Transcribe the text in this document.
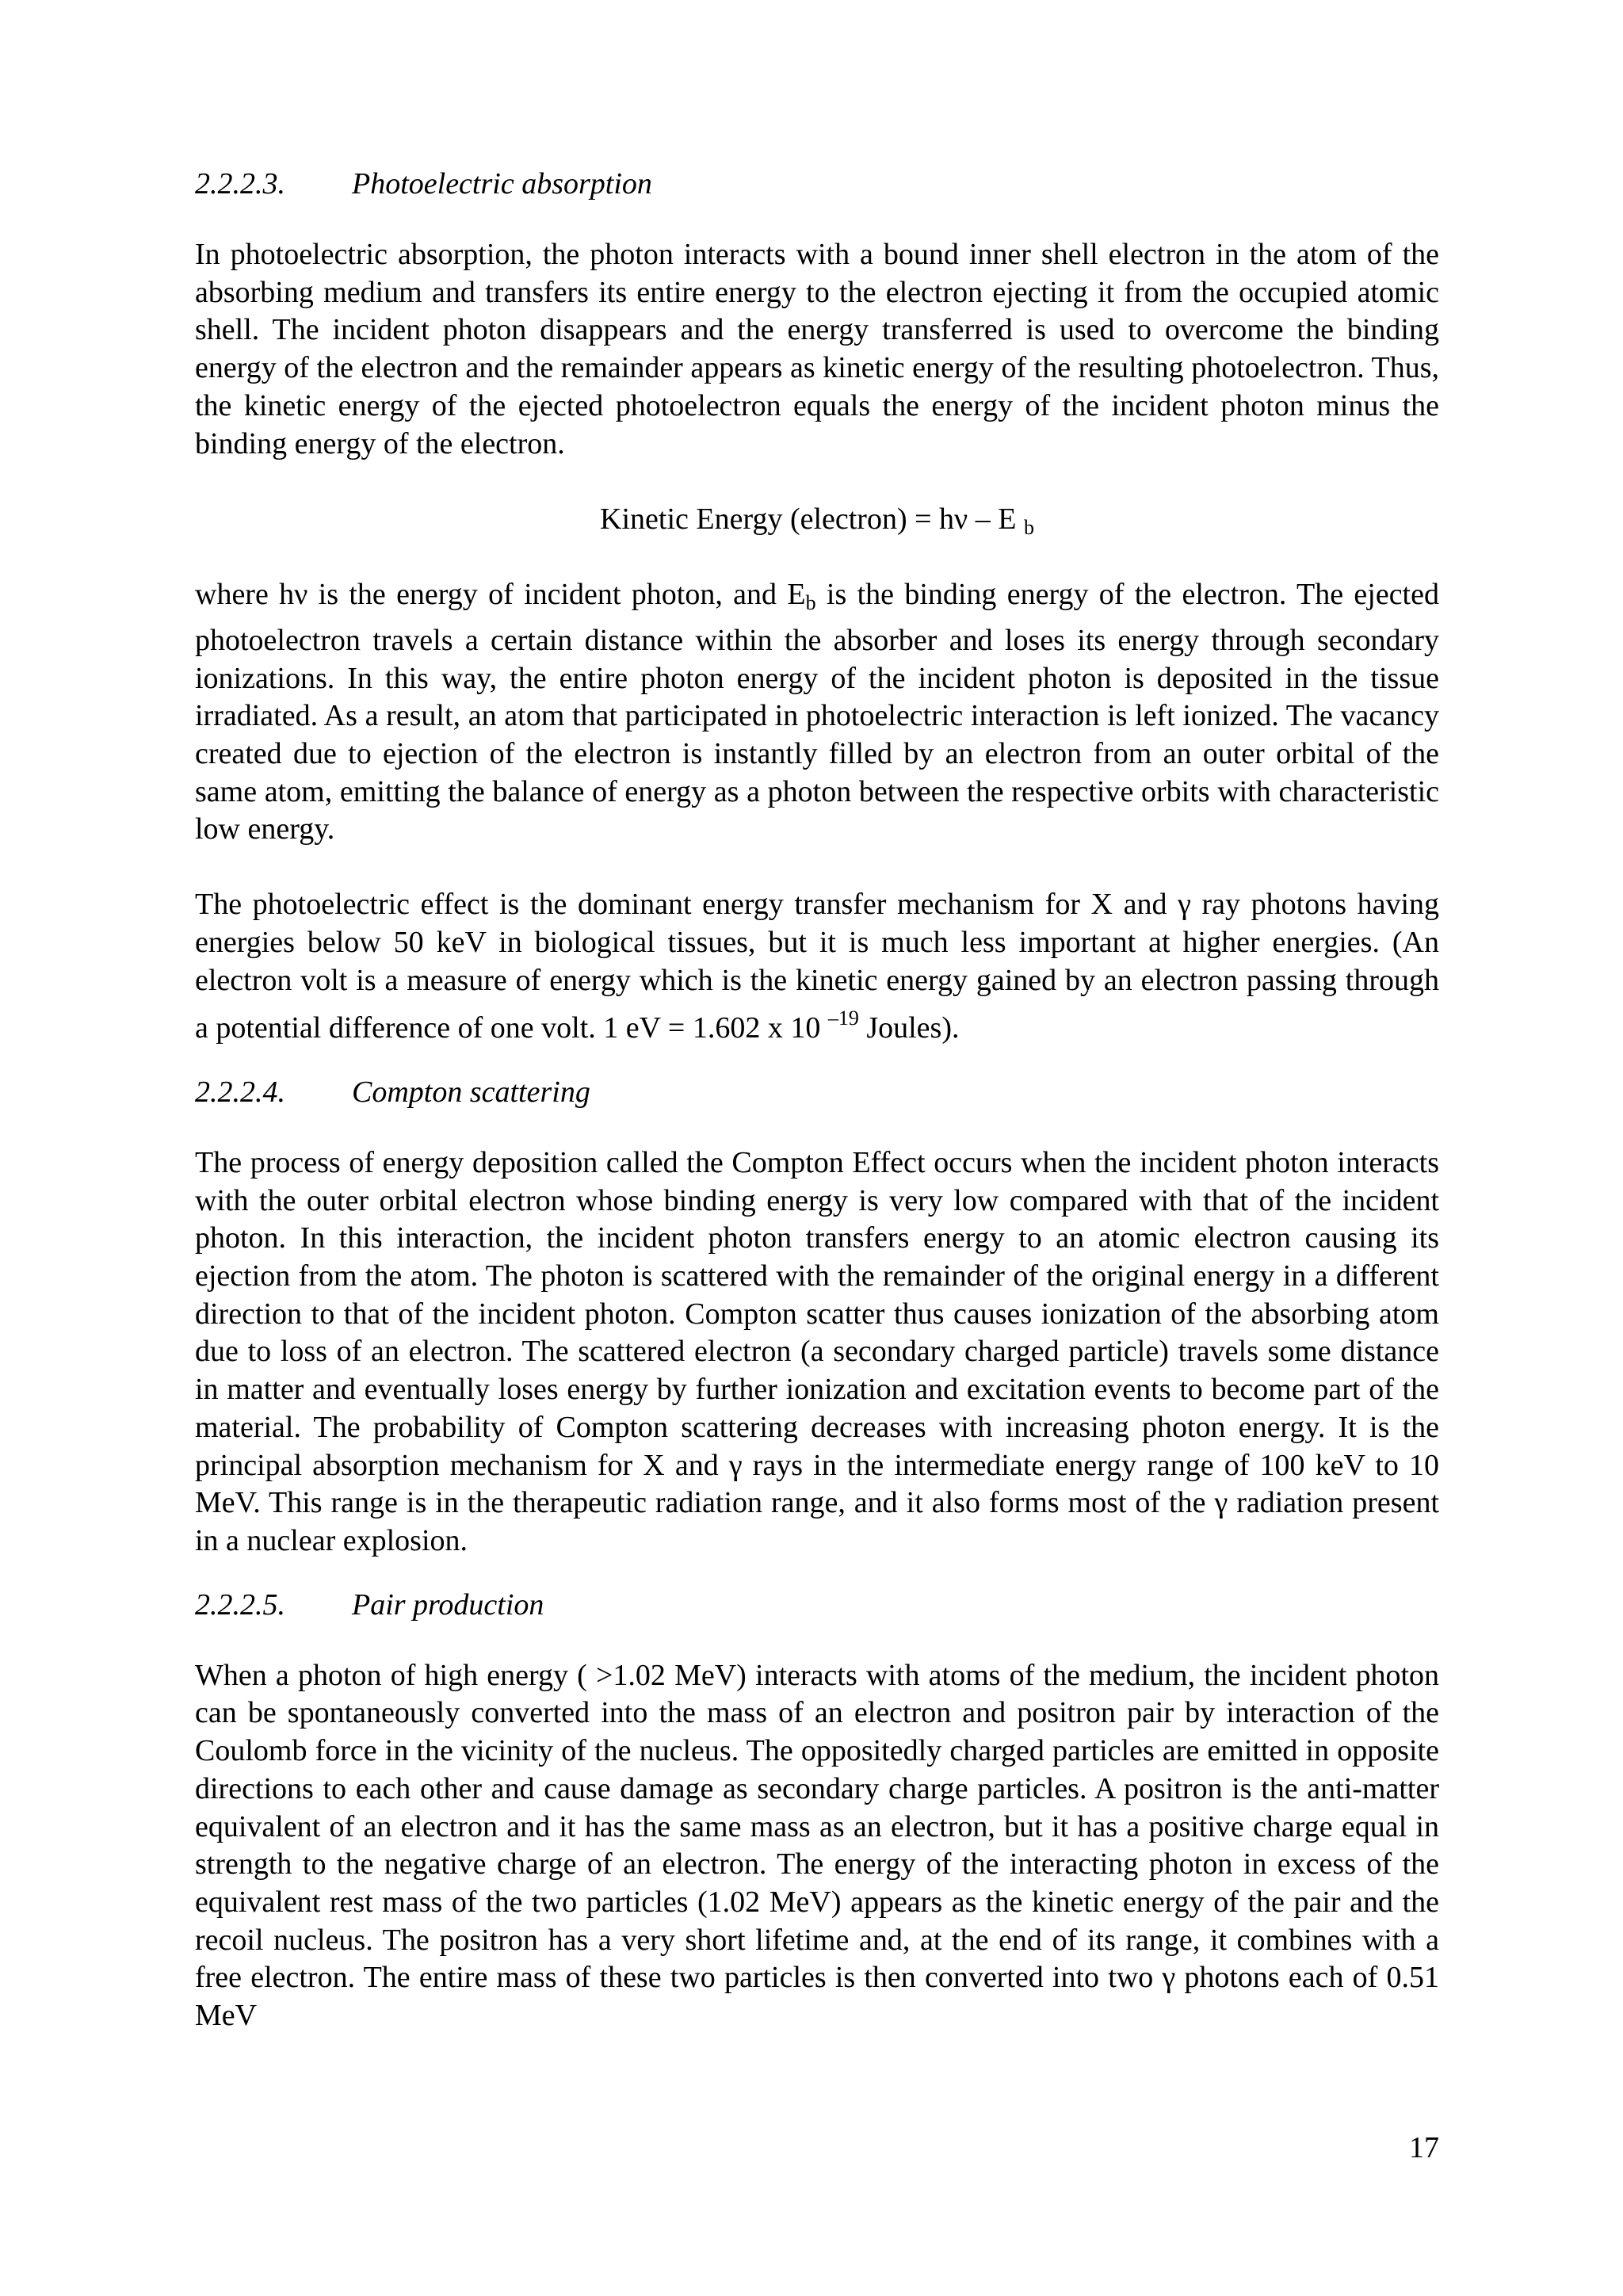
2.2.2.3. Photoelectric absorption

In photoelectric absorption, the photon interacts with a bound inner shell electron in the atom of the absorbing medium and transfers its entire energy to the electron ejecting it from the occupied atomic shell. The incident photon disappears and the energy transferred is used to overcome the binding energy of the electron and the remainder appears as kinetic energy of the resulting photoelectron. Thus, the kinetic energy of the ejected photoelectron equals the energy of the incident photon minus the binding energy of the electron.

Kinetic Energy (electron) = hν – E $_b$

where hν is the energy of incident photon, and $E_b$ is the binding energy of the electron. The ejected photoelectron travels a certain distance within the absorber and loses its energy through secondary ionizations. In this way, the entire photon energy of the incident photon is deposited in the tissue irradiated. As a result, an atom that participated in photoelectric interaction is left ionized. The vacancy created due to ejection of the electron is instantly filled by an electron from an outer orbital of the same atom, emitting the balance of energy as a photon between the respective orbits with characteristic low energy.

The photoelectric effect is the dominant energy transfer mechanism for X and γ ray photons having energies below 50 keV in biological tissues, but it is much less important at higher energies. (An electron volt is a measure of energy which is the kinetic energy gained by an electron passing through a potential difference of one volt. 1 eV = 1.602 x 10 $^{-19}$ Joules).

2.2.2.4. Compton scattering

The process of energy deposition called the Compton Effect occurs when the incident photon interacts with the outer orbital electron whose binding energy is very low compared with that of the incident photon. In this interaction, the incident photon transfers energy to an atomic electron causing its ejection from the atom. The photon is scattered with the remainder of the original energy in a different direction to that of the incident photon. Compton scatter thus causes ionization of the absorbing atom due to loss of an electron. The scattered electron (a secondary charged particle) travels some distance in matter and eventually loses energy by further ionization and excitation events to become part of the material. The probability of Compton scattering decreases with increasing photon energy. It is the principal absorption mechanism for X and γ rays in the intermediate energy range of 100 keV to 10 MeV. This range is in the therapeutic radiation range, and it also forms most of the γ radiation present in a nuclear explosion.

2.2.2.5. Pair production

When a photon of high energy ( >1.02 MeV) interacts with atoms of the medium, the incident photon can be spontaneously converted into the mass of an electron and positron pair by interaction of the Coulomb force in the vicinity of the nucleus. The oppositedly charged particles are emitted in opposite directions to each other and cause damage as secondary charge particles. A positron is the anti-matter equivalent of an electron and it has the same mass as an electron, but it has a positive charge equal in strength to the negative charge of an electron. The energy of the interacting photon in excess of the equivalent rest mass of the two particles (1.02 MeV) appears as the kinetic energy of the pair and the recoil nucleus. The positron has a very short lifetime and, at the end of its range, it combines with a free electron. The entire mass of these two particles is then converted into two γ photons each of 0.51 MeV

17
